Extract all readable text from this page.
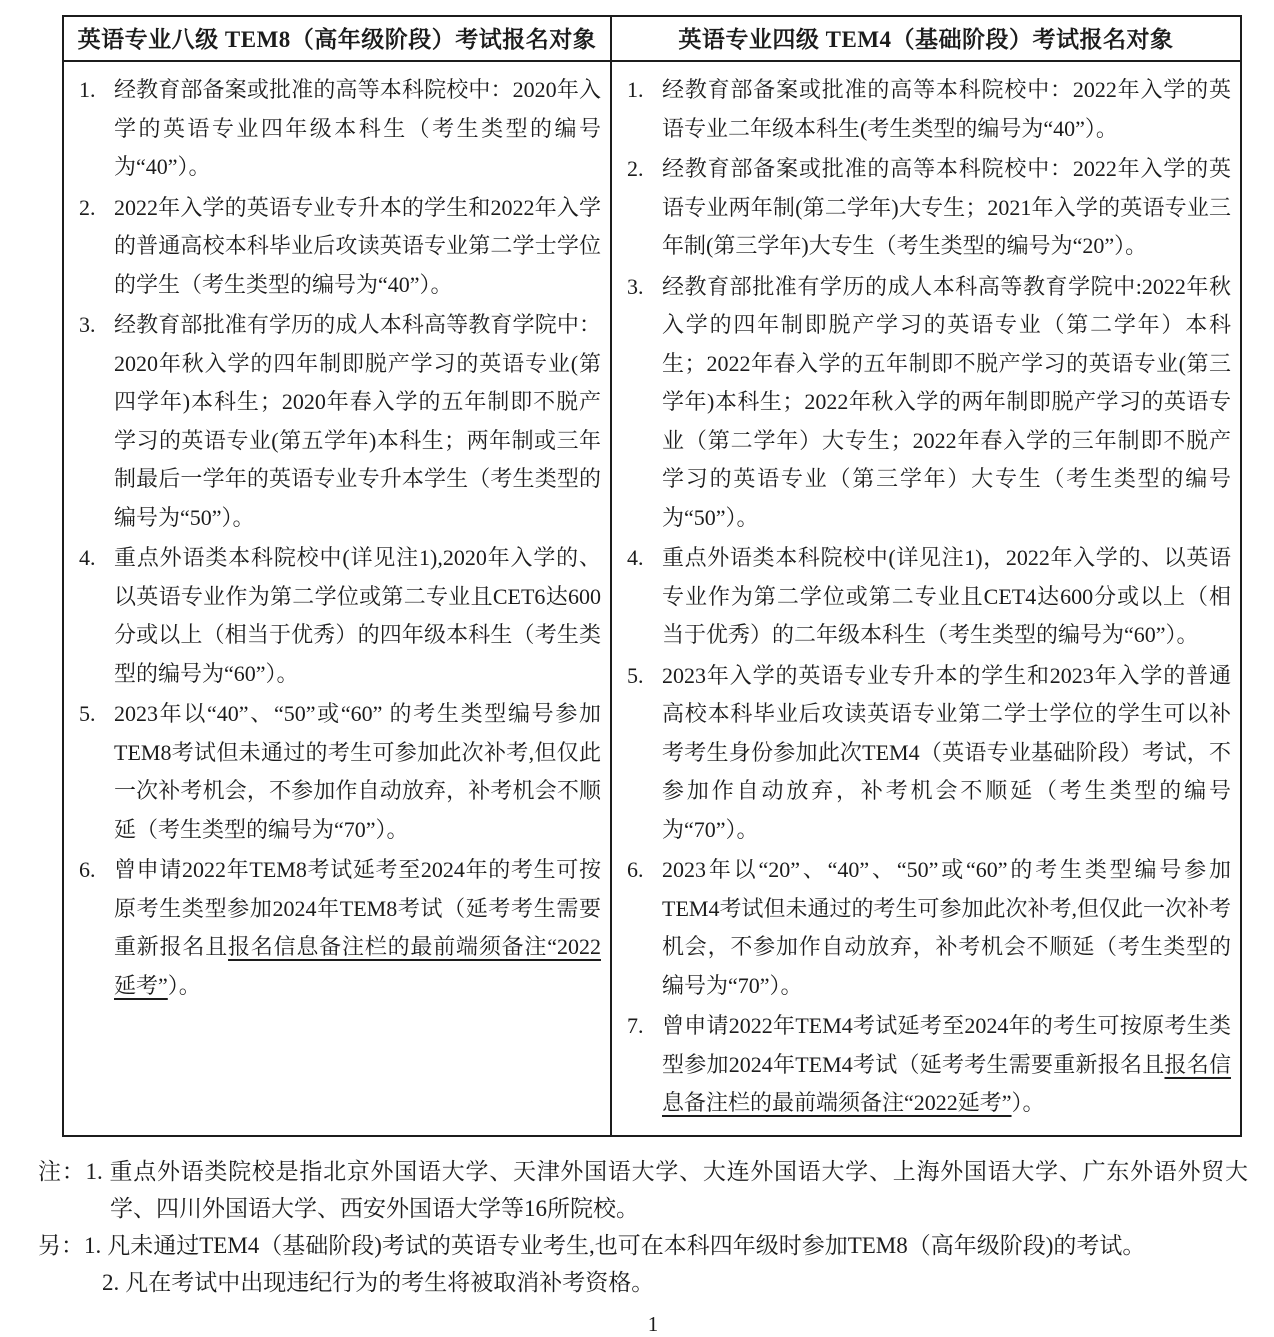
英语专业八级 TEM8（高年级阶段）考试报名对象	英语专业四级 TEM4（基础阶段）考试报名对象

1. 经教育部备案或批准的高等本科院校中：2020年入学的英语专业四年级本科生（考生类型的编号为“40”）。
2. 2022年入学的英语专业专升本的学生和2022年入学的普通高校本科毕业后攻读英语专业第二学士学位的学生（考生类型的编号为“40”）。
3. 经教育部批准有学历的成人本科高等教育学院中：2020年秋入学的四年制即脱产学习的英语专业(第四学年)本科生；2020年春入学的五年制即不脱产学习的英语专业(第五学年)本科生；两年制或三年制最后一学年的英语专业专升本学生（考生类型的编号为“50”）。
4. 重点外语类本科院校中(详见注1),2020年入学的、以英语专业作为第二学位或第二专业且CET6达600分或以上（相当于优秀）的四年级本科生（考生类型的编号为“60”）。
5. 2023年以“40”、“50”或“60” 的考生类型编号参加TEM8考试但未通过的考生可参加此次补考,但仅此一次补考机会，不参加作自动放弃，补考机会不顺延（考生类型的编号为“70”）。
6. 曾申请2022年TEM8考试延考至2024年的考生可按原考生类型参加2024年TEM8考试（延考考生需要重新报名且报名信息备注栏的最前端须备注“2022延考”）。

1. 经教育部备案或批准的高等本科院校中：2022年入学的英语专业二年级本科生(考生类型的编号为“40”）。
2. 经教育部备案或批准的高等本科院校中：2022年入学的英语专业两年制(第二学年)大专生；2021年入学的英语专业三年制(第三学年)大专生（考生类型的编号为“20”）。
3. 经教育部批准有学历的成人本科高等教育学院中:2022年秋入学的四年制即脱产学习的英语专业（第二学年）本科生；2022年春入学的五年制即不脱产学习的英语专业(第三学年)本科生；2022年秋入学的两年制即脱产学习的英语专业（第二学年）大专生；2022年春入学的三年制即不脱产学习的英语专业（第三学年）大专生（考生类型的编号为“50”）。
4. 重点外语类本科院校中(详见注1)，2022年入学的、以英语专业作为第二学位或第二专业且CET4达600分或以上（相当于优秀）的二年级本科生（考生类型的编号为“60”）。
5. 2023年入学的英语专业专升本的学生和2023年入学的普通高校本科毕业后攻读英语专业第二学士学位的学生可以补考考生身份参加此次TEM4（英语专业基础阶段）考试，不参加作自动放弃，补考机会不顺延（考生类型的编号为“70”）。
6. 2023年以“20”、“40”、“50”或“60”的考生类型编号参加TEM4考试但未通过的考生可参加此次补考,但仅此一次补考机会，不参加作自动放弃，补考机会不顺延（考生类型的编号为“70”）。
7. 曾申请2022年TEM4考试延考至2024年的考生可按原考生类型参加2024年TEM4考试（延考考生需要重新报名且报名信息备注栏的最前端须备注“2022延考”）。
注：1. 重点外语类院校是指北京外国语大学、天津外国语大学、大连外国语大学、上海外国语大学、广东外语外贸大学、四川外国语大学、西安外国语大学等16所院校。
另：1. 凡未通过TEM4（基础阶段)考试的英语专业考生,也可在本科四年级时参加TEM8（高年级阶段)的考试。
2. 凡在考试中出现违纪行为的考生将被取消补考资格。
1
